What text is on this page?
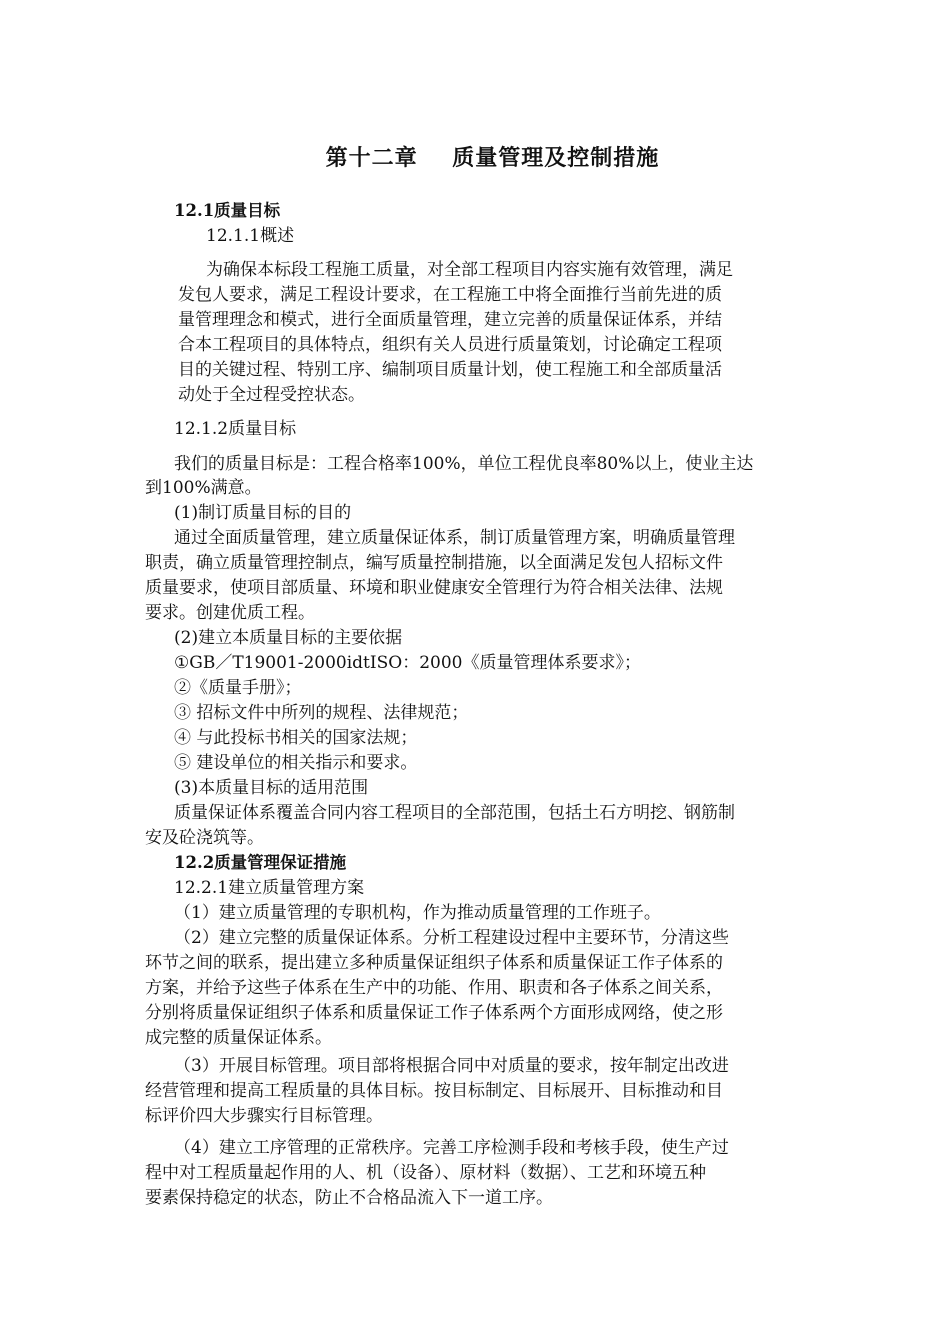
第十二章    质量管理及控制措施
12.1质量目标
12.1.1概述
为确保本标段工程施工质量，对全部工程项目内容实施有效管理，满足
发包人要求，满足工程设计要求，在工程施工中将全面推行当前先进的质
量管理理念和模式，进行全面质量管理，建立完善的质量保证体系，并结
合本工程项目的具体特点，组织有关人员进行质量策划，讨论确定工程项
目的关键过程、特别工序、编制项目质量计划，使工程施工和全部质量活
动处于全过程受控状态。
12.1.2质量目标
我们的质量目标是：工程合格率100%，单位工程优良率80%以上，使业主达
到100%满意。
(1)制订质量目标的目的
通过全面质量管理，建立质量保证体系，制订质量管理方案，明确质量管理
职责，确立质量管理控制点，编写质量控制措施，以全面满足发包人招标文件
质量要求，使项目部质量、环境和职业健康安全管理行为符合相关法律、法规
要求。创建优质工程。
(2)建立本质量目标的主要依据
①GB／T19001-2000idtISO：2000《质量管理体系要求》；
②《质量手册》；
③ 招标文件中所列的规程、法律规范；
④ 与此投标书相关的国家法规；
⑤ 建设单位的相关指示和要求。
(3)本质量目标的适用范围
质量保证体系覆盖合同内容工程项目的全部范围，包括土石方明挖、钢筋制
安及砼浇筑等。
12.2质量管理保证措施
12.2.1建立质量管理方案
（1）建立质量管理的专职机构，作为推动质量管理的工作班子。
（2）建立完整的质量保证体系。分析工程建设过程中主要环节，分清这些
环节之间的联系，提出建立多种质量保证组织子体系和质量保证工作子体系的
方案，并给予这些子体系在生产中的功能、作用、职责和各子体系之间关系，
分别将质量保证组织子体系和质量保证工作子体系两个方面形成网络，使之形
成完整的质量保证体系。
（3）开展目标管理。项目部将根据合同中对质量的要求，按年制定出改进
经营管理和提高工程质量的具体目标。按目标制定、目标展开、目标推动和目
标评价四大步骤实行目标管理。
（4）建立工序管理的正常秩序。完善工序检测手段和考核手段，使生产过
程中对工程质量起作用的人、机（设备）、原材料（数据）、工艺和环境五种
要素保持稳定的状态，防止不合格品流入下一道工序。
